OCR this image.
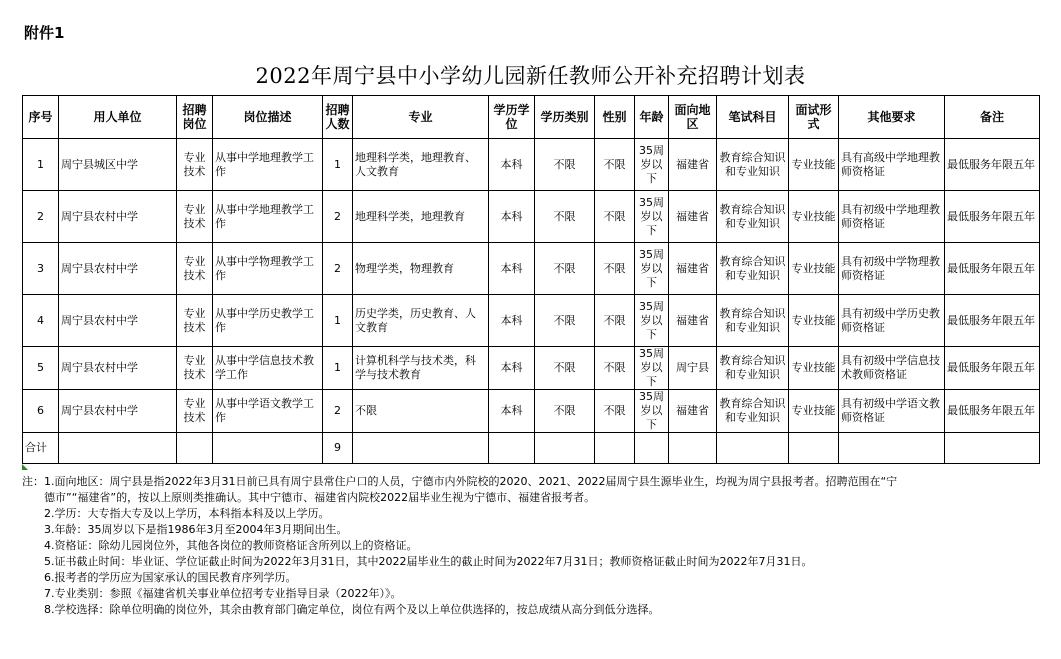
附件1
2022年周宁县中小学幼儿园新任教师公开补充招聘计划表
序号	用人单位	招聘岗位	岗位描述	招聘人数	专业	学历学位	学历类别	性别	年龄	面向地区	笔试科目	面试形式	其他要求	备注
1	周宁县城区中学	专业技术	从事中学地理教学工作	1	地理科学类，地理教育、人文教育	本科	不限	不限	35周岁以下	福建省	教育综合知识和专业知识	专业技能	具有高级中学地理教师资格证	最低服务年限五年
2	周宁县农村中学	专业技术	从事中学地理教学工作	2	地理科学类，地理教育	本科	不限	不限	35周岁以下	福建省	教育综合知识和专业知识	专业技能	具有初级中学地理教师资格证	最低服务年限五年
3	周宁县农村中学	专业技术	从事中学物理教学工作	2	物理学类，物理教育	本科	不限	不限	35周岁以下	福建省	教育综合知识和专业知识	专业技能	具有初级中学物理教师资格证	最低服务年限五年
4	周宁县农村中学	专业技术	从事中学历史教学工作	1	历史学类，历史教育、人文教育	本科	不限	不限	35周岁以下	福建省	教育综合知识和专业知识	专业技能	具有初级中学历史教师资格证	最低服务年限五年
5	周宁县农村中学	专业技术	从事中学信息技术教学工作	1	计算机科学与技术类，科学与技术教育	本科	不限	不限	35周岁以下	周宁县	教育综合知识和专业知识	专业技能	具有初级中学信息技术教师资格证	最低服务年限五年
6	周宁县农村中学	专业技术	从事中学语文教学工作	2	不限	本科	不限	不限	35周岁以下	福建省	教育综合知识和专业知识	专业技能	具有初级中学语文教师资格证	最低服务年限五年
合计				9										
注：1.面向地区：周宁县是指2022年3月31日前已具有周宁县常住户口的人员，宁德市内外院校的2020、2021、2022届周宁县生源毕业生，均视为周宁县报考者。招聘范围在“宁
德市”“福建省”的，按以上原则类推确认。其中宁德市、福建省内院校2022届毕业生视为宁德市、福建省报考者。
2.学历：大专指大专及以上学历，本科指本科及以上学历。
3.年龄：35周岁以下是指1986年3月至2004年3月期间出生。
4.资格证：除幼儿园岗位外，其他各岗位的教师资格证含所列以上的资格证。
5.证书截止时间：毕业证、学位证截止时间为2022年3月31日，其中2022届毕业生的截止时间为2022年7月31日；教师资格证截止时间为2022年7月31日。
6.报考者的学历应为国家承认的国民教育序列学历。
7.专业类别：参照《福建省机关事业单位招考专业指导目录（2022年）》。
8.学校选择：除单位明确的岗位外，其余由教育部门确定单位，岗位有两个及以上单位供选择的，按总成绩从高分到低分选择。
